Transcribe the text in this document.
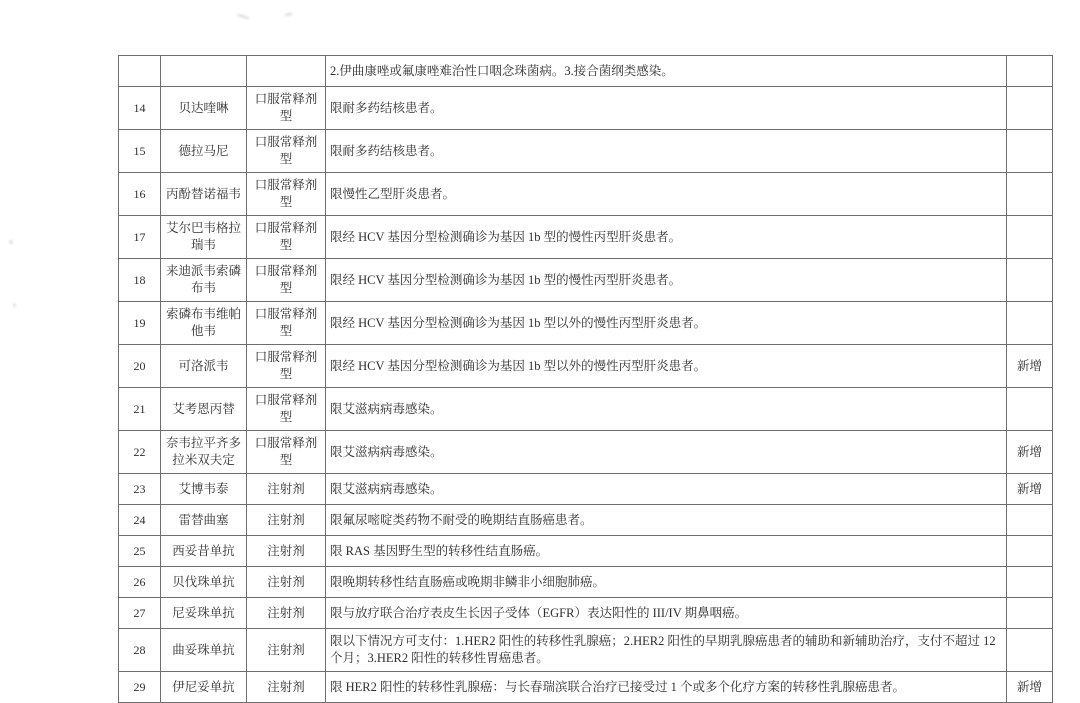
			2.伊曲康唑或氟康唑难治性口咽念珠菌病。3.接合菌纲类感染。	
14	贝达喹啉	口服常释剂型	限耐多药结核患者。	
15	德拉马尼	口服常释剂型	限耐多药结核患者。	
16	丙酚替诺福韦	口服常释剂型	限慢性乙型肝炎患者。	
17	艾尔巴韦格拉瑞韦	口服常释剂型	限经 HCV 基因分型检测确诊为基因 1b 型的慢性丙型肝炎患者。	
18	来迪派韦索磷布韦	口服常释剂型	限经 HCV 基因分型检测确诊为基因 1b 型的慢性丙型肝炎患者。	
19	索磷布韦维帕他韦	口服常释剂型	限经 HCV 基因分型检测确诊为基因 1b 型以外的慢性丙型肝炎患者。	
20	可洛派韦	口服常释剂型	限经 HCV 基因分型检测确诊为基因 1b 型以外的慢性丙型肝炎患者。	新增
21	艾考恩丙替	口服常释剂型	限艾滋病病毒感染。	
22	奈韦拉平齐多拉米双夫定	口服常释剂型	限艾滋病病毒感染。	新增
23	艾博韦泰	注射剂	限艾滋病病毒感染。	新增
24	雷替曲塞	注射剂	限氟尿嘧啶类药物不耐受的晚期结直肠癌患者。	
25	西妥昔单抗	注射剂	限 RAS 基因野生型的转移性结直肠癌。	
26	贝伐珠单抗	注射剂	限晚期转移性结直肠癌或晚期非鳞非小细胞肺癌。	
27	尼妥珠单抗	注射剂	限与放疗联合治疗表皮生长因子受体（EGFR）表达阳性的 III/IV 期鼻咽癌。	
28	曲妥珠单抗	注射剂	限以下情况方可支付：1.HER2 阳性的转移性乳腺癌；2.HER2 阳性的早期乳腺癌患者的辅助和新辅助治疗，支付不超过 12 个月；3.HER2 阳性的转移性胃癌患者。	
29	伊尼妥单抗	注射剂	限 HER2 阳性的转移性乳腺癌：与长春瑞滨联合治疗已接受过 1 个或多个化疗方案的转移性乳腺癌患者。	新增
